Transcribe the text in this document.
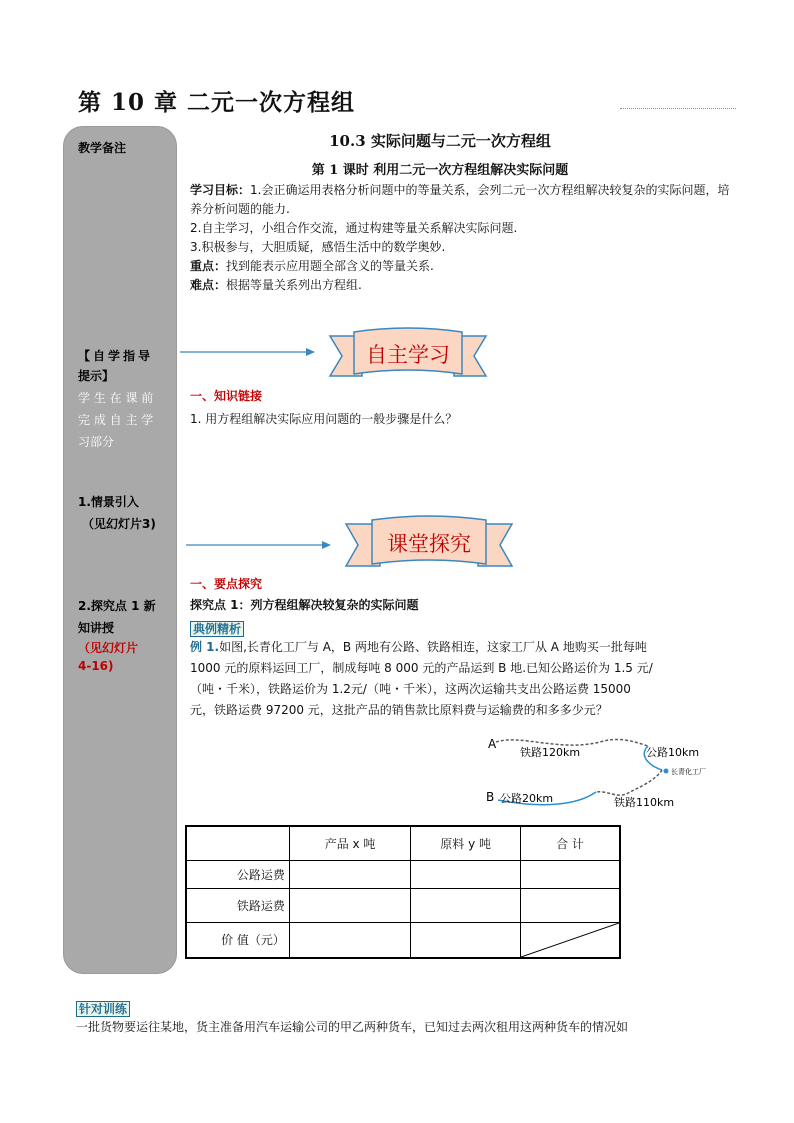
第 10 章 二元一次方程组
教学备注
【自学指导
提示】
学 生 在 课 前
完 成 自 主 学
习部分
1.情景引入
（见幻灯片3)
2.探究点 1 新
知讲授
（见幻灯片
4-16)
10.3 实际问题与二元一次方程组
第 1 课时 利用二元一次方程组解决实际问题
学习目标：1.会正确运用表格分析问题中的等量关系，会列二元一次方程组解决较复杂的实际问题，培养分析问题的能力.
2.自主学习，小组合作交流，通过构建等量关系解决实际问题.
3.积极参与，大胆质疑，感悟生活中的数学奥妙.
重点：找到能表示应用题全部含义的等量关系.
难点：根据等量关系列出方程组.
自主学习
一、知识链接
1. 用方程组解决实际应用问题的一般步骤是什么？
课堂探究
一、要点探究
探究点 1：列方程组解决较复杂的实际问题
典例精析
例 1.如图,长青化工厂与 A，B 两地有公路、铁路相连，这家工厂从 A 地购买一批每吨
1000 元的原料运回工厂，制成每吨 8 000 元的产品运到 B 地.已知公路运价为 1.5 元/
（吨・千米），铁路运价为 1.2元/（吨・千米），这两次运输共支出公路运费 15000
元，铁路运费 97200 元，这批产品的销售款比原料费与运输费的和多多少元？
A
B
铁路120km	公路10km
长青化工厂
公路20km	铁路110km
	产品 x 吨	原料 y 吨	合 计
公路运费			
铁路运费			
价 值（元）			
针对训练
一批货物要运往某地，货主准备用汽车运输公司的甲乙两种货车，已知过去两次租用这两种货车的情况如
